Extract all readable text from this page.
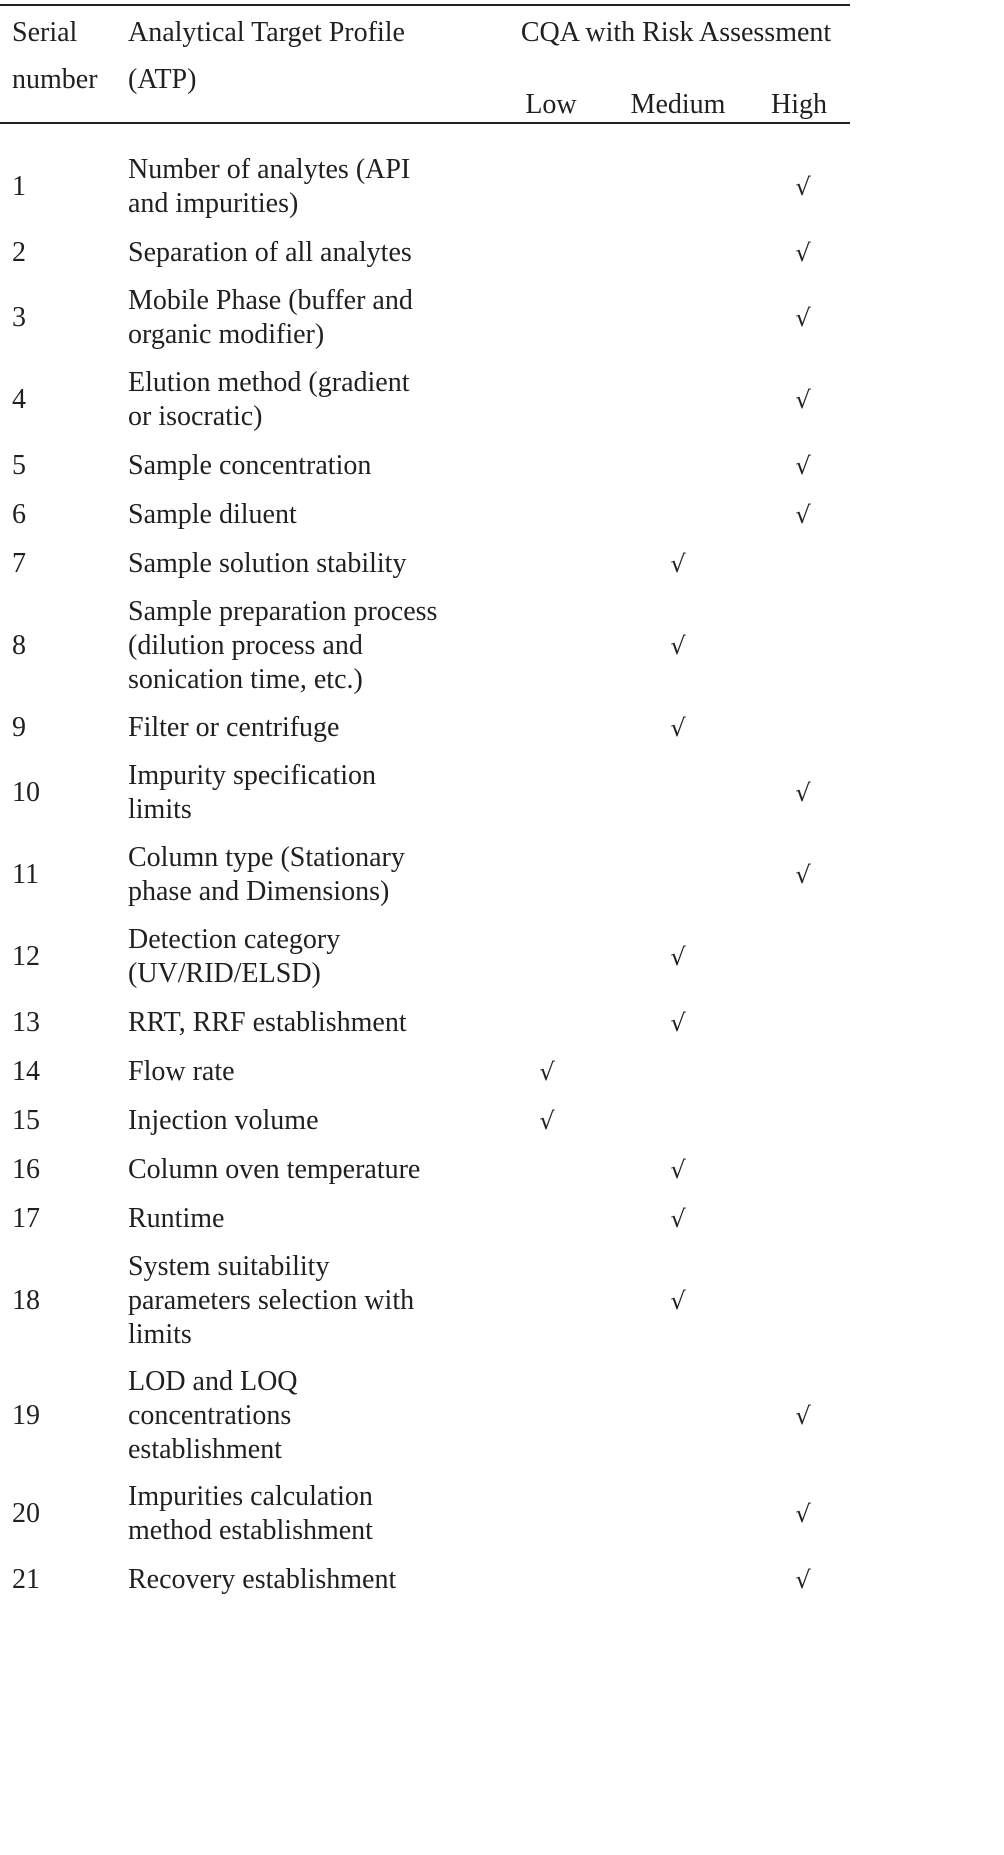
Serial
number	Analytical Target Profile
(ATP)	CQA with Risk Assessment		
		Low	Medium	High
1	Number of analytes (API
and impurities)			√
2	Separation of all analytes			√
3	Mobile Phase (buffer and
organic modifier)			√
4	Elution method (gradient
or isocratic)			√
5	Sample concentration			√
6	Sample diluent			√
7	Sample solution stability		√	
8	Sample preparation process
(dilution process and
sonication time, etc.)		√	
9	Filter or centrifuge		√	
10	Impurity specification
limits			√
11	Column type (Stationary
phase and Dimensions)			√
12	Detection category
(UV/RID/ELSD)		√	
13	RRT, RRF establishment		√	
14	Flow rate	√		
15	Injection volume	√		
16	Column oven temperature		√	
17	Runtime		√	
18	System suitability
parameters selection with
limits		√	
19	LOD and LOQ
concentrations
establishment			√
20	Impurities calculation
method establishment			√
21	Recovery establishment			√
